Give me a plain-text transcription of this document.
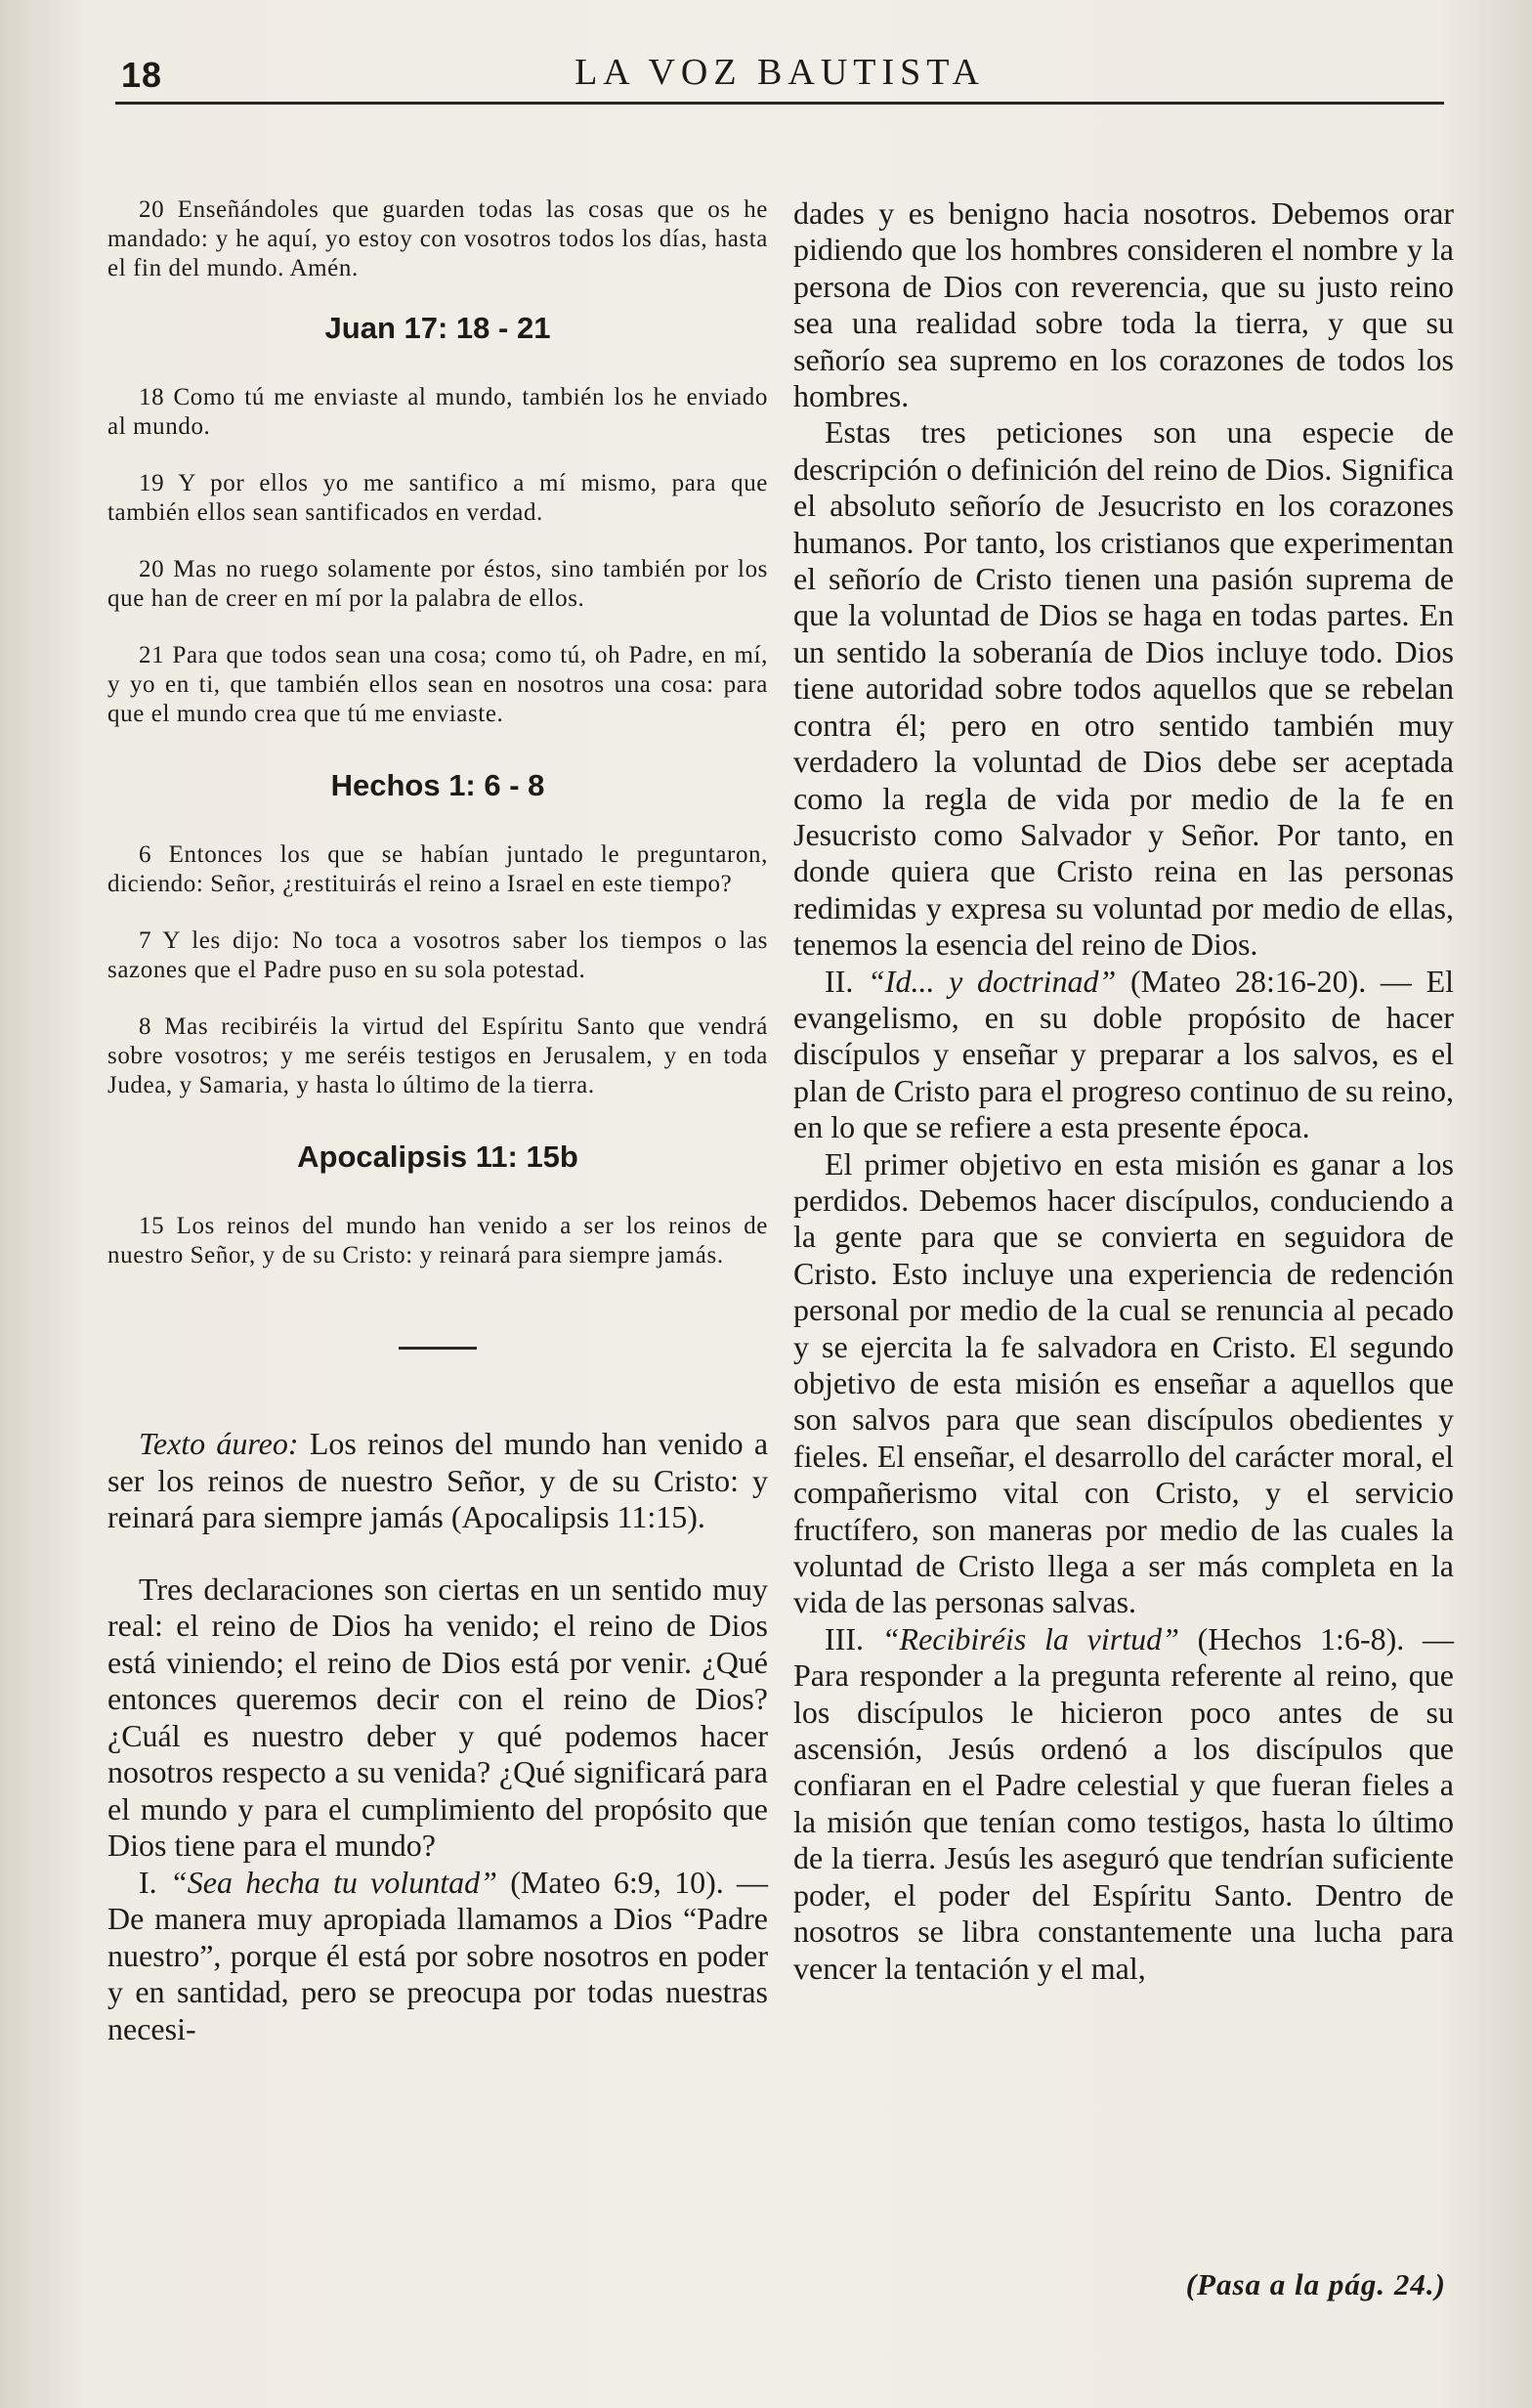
18	LA VOZ BAUTISTA

20 Enseñándoles que guarden todas las cosas que os he mandado: y he aquí, yo estoy con vosotros todos los días, hasta el fin del mundo. Amén.

Juan 17: 18 - 21

18 Como tú me enviaste al mundo, también los he enviado al mundo.

19 Y por ellos yo me santifico a mí mismo, para que también ellos sean santificados en verdad.

20 Mas no ruego solamente por éstos, sino también por los que han de creer en mí por la palabra de ellos.

21 Para que todos sean una cosa; como tú, oh Padre, en mí, y yo en ti, que también ellos sean en nosotros una cosa: para que el mundo crea que tú me enviaste.

Hechos 1: 6 - 8

6 Entonces los que se habían juntado le preguntaron, diciendo: Señor, ¿restituirás el reino a Israel en este tiempo?

7 Y les dijo: No toca a vosotros saber los tiempos o las sazones que el Padre puso en su sola potestad.

8 Mas recibiréis la virtud del Espíritu Santo que vendrá sobre vosotros; y me seréis testigos en Jerusalem, y en toda Judea, y Samaria, y hasta lo último de la tierra.

Apocalipsis 11: 15b

15 Los reinos del mundo han venido a ser los reinos de nuestro Señor, y de su Cristo: y reinará para siempre jamás.

Texto áureo: Los reinos del mundo han venido a ser los reinos de nuestro Señor, y de su Cristo: y reinará para siempre jamás (Apocalipsis 11:15).

Tres declaraciones son ciertas en un sentido muy real: el reino de Dios ha venido; el reino de Dios está viniendo; el reino de Dios está por venir. ¿Qué entonces queremos decir con el reino de Dios? ¿Cuál es nuestro deber y qué podemos hacer nosotros respecto a su venida? ¿Qué significará para el mundo y para el cumplimiento del propósito que Dios tiene para el mundo?

I. “Sea hecha tu voluntad” (Mateo 6:9, 10). — De manera muy apropiada llamamos a Dios “Padre nuestro”, porque él está por sobre nosotros en poder y en santidad, pero se preocupa por todas nuestras necesi-

dades y es benigno hacia nosotros. Debemos orar pidiendo que los hombres consideren el nombre y la persona de Dios con reverencia, que su justo reino sea una realidad sobre toda la tierra, y que su señorío sea supremo en los corazones de todos los hombres.

Estas tres peticiones son una especie de descripción o definición del reino de Dios. Significa el absoluto señorío de Jesucristo en los corazones humanos. Por tanto, los cristianos que experimentan el señorío de Cristo tienen una pasión suprema de que la voluntad de Dios se haga en todas partes. En un sentido la soberanía de Dios incluye todo. Dios tiene autoridad sobre todos aquellos que se rebelan contra él; pero en otro sentido también muy verdadero la voluntad de Dios debe ser aceptada como la regla de vida por medio de la fe en Jesucristo como Salvador y Señor. Por tanto, en donde quiera que Cristo reina en las personas redimidas y expresa su voluntad por medio de ellas, tenemos la esencia del reino de Dios.

II. “Id... y doctrinad” (Mateo 28:16-20). — El evangelismo, en su doble propósito de hacer discípulos y enseñar y preparar a los salvos, es el plan de Cristo para el progreso continuo de su reino, en lo que se refiere a esta presente época.

El primer objetivo en esta misión es ganar a los perdidos. Debemos hacer discípulos, conduciendo a la gente para que se convierta en seguidora de Cristo. Esto incluye una experiencia de redención personal por medio de la cual se renuncia al pecado y se ejercita la fe salvadora en Cristo. El segundo objetivo de esta misión es enseñar a aquellos que son salvos para que sean discípulos obedientes y fieles. El enseñar, el desarrollo del carácter moral, el compañerismo vital con Cristo, y el servicio fructífero, son maneras por medio de las cuales la voluntad de Cristo llega a ser más completa en la vida de las personas salvas.

III. “Recibiréis la virtud” (Hechos 1:6-8). — Para responder a la pregunta referente al reino, que los discípulos le hicieron poco antes de su ascensión, Jesús ordenó a los discípulos que confiaran en el Padre celestial y que fueran fieles a la misión que tenían como testigos, hasta lo último de la tierra. Jesús les aseguró que tendrían suficiente poder, el poder del Espíritu Santo. Dentro de nosotros se libra constantemente una lucha para vencer la tentación y el mal,

(Pasa a la pág. 24.)
